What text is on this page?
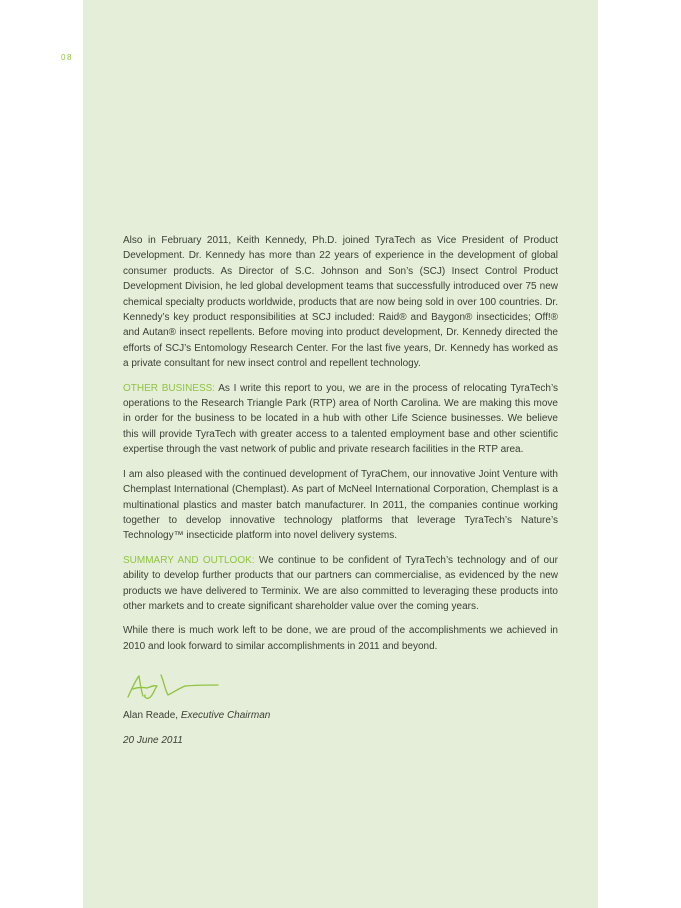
08

Also in February 2011, Keith Kennedy, Ph.D. joined TyraTech as Vice President of Product Development. Dr. Kennedy has more than 22 years of experience in the development of global consumer products. As Director of S.C. Johnson and Son’s (SCJ) Insect Control Product Development Division, he led global development teams that successfully introduced over 75 new chemical specialty products worldwide, products that are now being sold in over 100 countries. Dr. Kennedy’s key product responsibilities at SCJ included: Raid® and Baygon® insecticides; Off!® and Autan® insect repellents. Before moving into product development, Dr. Kennedy directed the efforts of SCJ’s Entomology Research Center. For the last five years, Dr. Kennedy has worked as a private consultant for new insect control and repellent technology.

OTHER BUSINESS: As I write this report to you, we are in the process of relocating TyraTech’s operations to the Research Triangle Park (RTP) area of North Carolina. We are making this move in order for the business to be located in a hub with other Life Science businesses. We believe this will provide TyraTech with greater access to a talented employment base and other scientific expertise through the vast network of public and private research facilities in the RTP area.

I am also pleased with the continued development of TyraChem, our innovative Joint Venture with Chemplast International (Chemplast). As part of McNeel International Corporation, Chemplast is a multinational plastics and master batch manufacturer. In 2011, the companies continue working together to develop innovative technology platforms that leverage TyraTech’s Nature’s Technology™ insecticide platform into novel delivery systems.

SUMMARY AND OUTLOOK: We continue to be confident of TyraTech’s technology and of our ability to develop further products that our partners can commercialise, as evidenced by the new products we have delivered to Terminix. We are also committed to leveraging these products into other markets and to create significant shareholder value over the coming years.

While there is much work left to be done, we are proud of the accomplishments we achieved in 2010 and look forward to similar accomplishments in 2011 and beyond.

Alan Reade, Executive Chairman

20 June 2011
